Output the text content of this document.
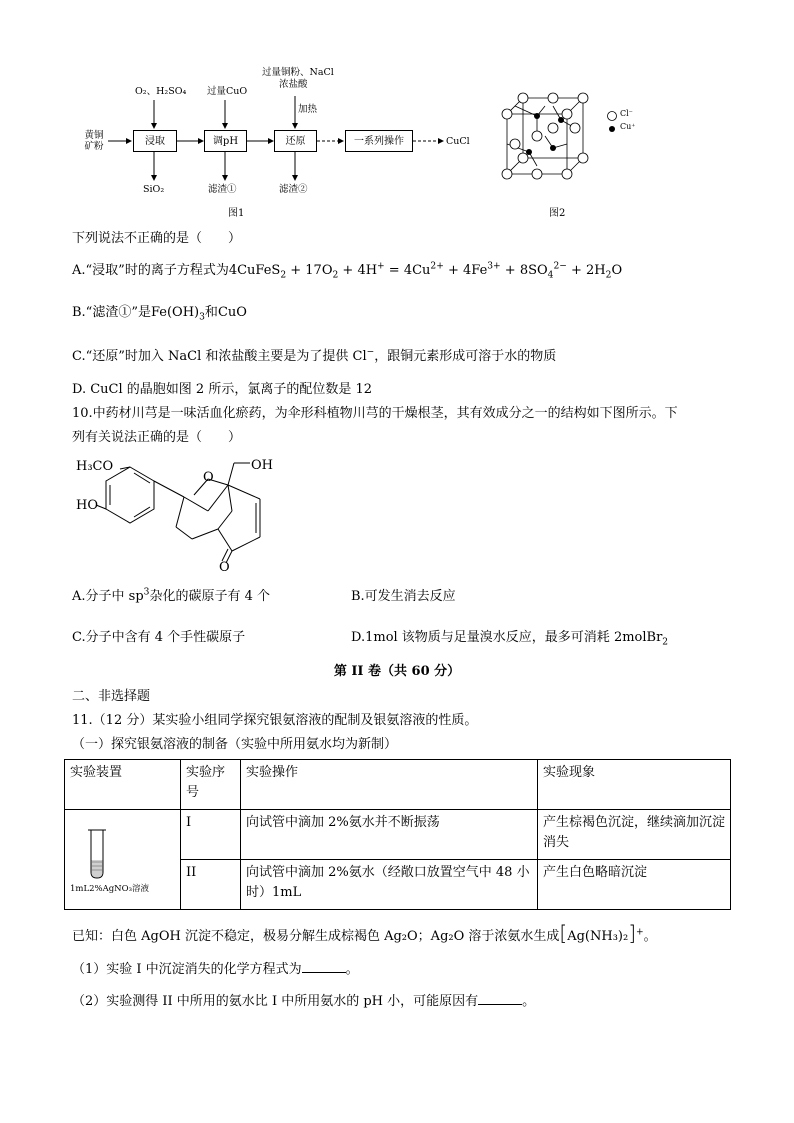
黄铜
矿粉	浸取	调pH	还原	一系列操作
O₂、H₂SO₄ 过量CuO
过量铜粉、NaCl
浓盐酸
加热
SiO₂	滤渣①	滤渣②
CuCl
图1
Cl⁻
Cu⁺
图2
下列说法不正确的是（　　）
A.“浸取”时的离子方程式为4CuFeS$_2$ + $17O_2 + 4H^+ = 4Cu^{2+} + 4Fe^{3+} + 8SO_4^{2-} + 2H_2O$
B.“滤渣①”是$Fe(OH)_3$和CuO
C.“还原”时加入 NaCl 和浓盐酸主要是为了提供 Cl−，跟铜元素形成可溶于水的物质
D. CuCl 的晶胞如图 2 所示，氯离子的配位数是 12
10.中药材川芎是一味活血化瘀药，为伞形科植物川芎的干燥根茎，其有效成分之一的结构如下图所示。下
列有关说法正确的是（　　）
H₃CO
HO
O
OH
O
A.分子中 $sp^3$杂化的碳原子有 4 个	B.可发生消去反应
C.分子中含有 4 个手性碳原子	D.1mol 该物质与足量溴水反应，最多可消耗 2molBr$_2$
第 II 卷（共 60 分）
二、非选择题
11.（12 分）某实验小组同学探究银氨溶液的配制及银氨溶液的性质。
（一）探究银氨溶液的制备（实验中所用氨水均为新制）
实验装置	实验序号	实验操作	实验现象

1mL2%AgNO₃溶液	I	向试管中滴加 2%氨水并不断振荡	产生棕褐色沉淀，继续滴加沉淀消失
	II	向试管中滴加 2%氨水（经敞口放置空气中 48 小时）1mL	产生白色略暗沉淀
已知：白色 AgOH 沉淀不稳定，极易分解生成棕褐色 Ag₂O；Ag₂O 溶于浓氨水生成[Ag(NH₃)₂]+。
（1）实验 I 中沉淀消失的化学方程式为	。
（2）实验测得 II 中所用的氨水比 I 中所用氨水的 pH 小，可能原因有	。
